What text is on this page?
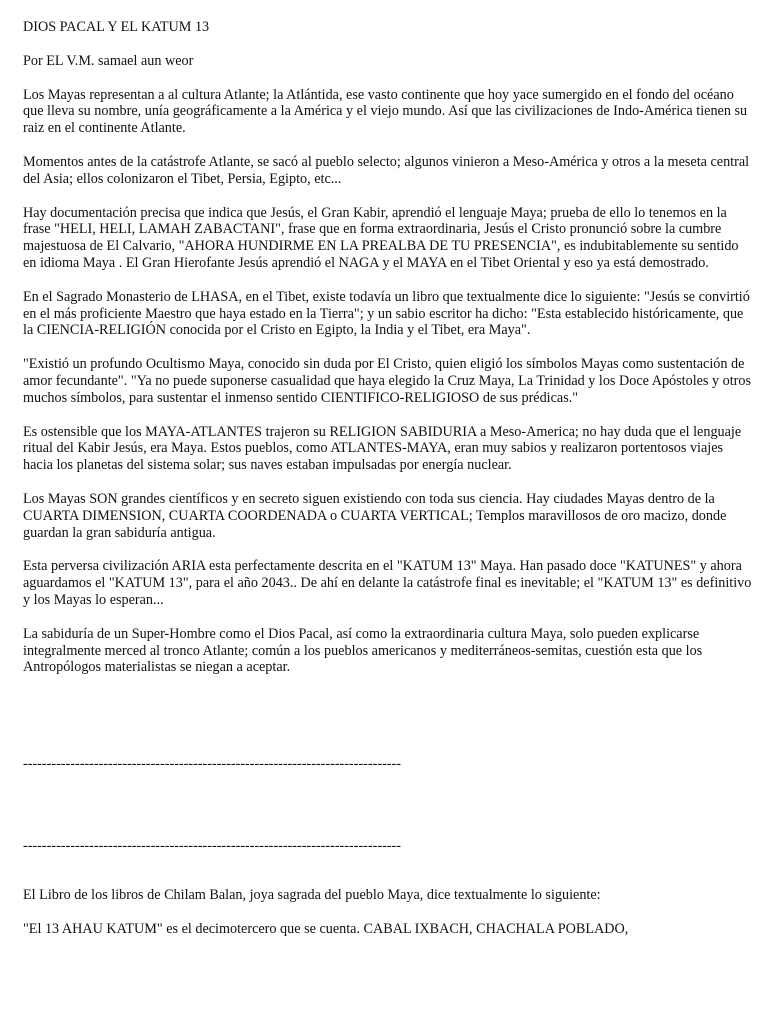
DIOS PACAL Y EL KATUM 13

Por EL V.M. samael aun weor

Los Mayas representan a al cultura Atlante; la Atlántida, ese vasto continente que hoy yace sumergido en el fondo del océano que lleva su nombre, unía geográficamente a la América y el viejo mundo. Así que las civilizaciones de Indo-América tienen su raiz en el continente Atlante.

Momentos antes de la catástrofe Atlante, se sacó al pueblo selecto; algunos vinieron a Meso-América y otros a la meseta central del Asia; ellos colonizaron el Tibet, Persia, Egipto, etc...

Hay documentación precisa que indica que Jesús, el Gran Kabir, aprendió el lenguaje Maya; prueba de ello lo tenemos en la frase "HELI, HELI, LAMAH ZABACTANI", frase que en forma extraordinaria, Jesús el Cristo pronunció sobre la cumbre majestuosa de El Calvario, "AHORA HUNDIRME EN LA PREALBA DE TU PRESENCIA", es indubitablemente su sentido en idioma Maya . El Gran Hierofante Jesús aprendió el NAGA y el MAYA en el Tibet Oriental y eso ya está demostrado.

En el Sagrado Monasterio de LHASA, en el Tibet, existe todavía un libro que textualmente dice lo siguiente: "Jesús se convirtió en el más proficiente Maestro que haya estado en la Tierra"; y un sabio escritor ha dicho: "Esta establecido históricamente, que la CIENCIA-RELIGIÓN conocida por el Cristo en Egipto, la India y el Tibet, era Maya".

"Existió un profundo Ocultismo Maya, conocido sin duda por El Cristo, quien eligió los símbolos Mayas como sustentación de amor fecundante". "Ya no puede suponerse casualidad que haya elegido la Cruz Maya, La Trinidad y los Doce Apóstoles y otros muchos símbolos, para sustentar el inmenso sentido CIENTIFICO-RELIGIOSO de sus prédicas."

Es ostensible que los MAYA-ATLANTES trajeron su RELIGION SABIDURIA a Meso-America; no hay duda que el lenguaje ritual del Kabir Jesús, era Maya. Estos pueblos, como ATLANTES-MAYA, eran muy sabios y realizaron portentosos viajes hacia los planetas del sistema solar; sus naves estaban impulsadas por energía nuclear.

Los Mayas SON grandes científicos y en secreto siguen existiendo con toda sus ciencia. Hay ciudades Mayas dentro de la CUARTA DIMENSION, CUARTA COORDENADA o CUARTA VERTICAL; Templos maravillosos de oro macizo, donde guardan la gran sabiduría antigua.

Esta perversa civilización ARIA esta perfectamente descrita en el "KATUM 13" Maya. Han pasado doce "KATUNES" y ahora aguardamos el "KATUM 13", para el año 2043.. De ahí en delante la catástrofe final es inevitable; el "KATUM 13" es definitivo y los Mayas lo esperan...

La sabiduría de un Super-Hombre como el Dios Pacal, así como la extraordinaria cultura Maya, solo pueden explicarse integralmente merced al tronco Atlante; común a los pueblos americanos y mediterráneos-semitas, cuestión esta que los Antropólogos materialistas se niegan a aceptar.

--------------------------------------------------------------------------------

--------------------------------------------------------------------------------

El Libro de los libros de Chilam Balan, joya sagrada del pueblo Maya, dice textualmente lo siguiente:

"El 13 AHAU KATUM" es el decimotercero que se cuenta. CABAL IXBACH, CHACHALA POBLADO,
